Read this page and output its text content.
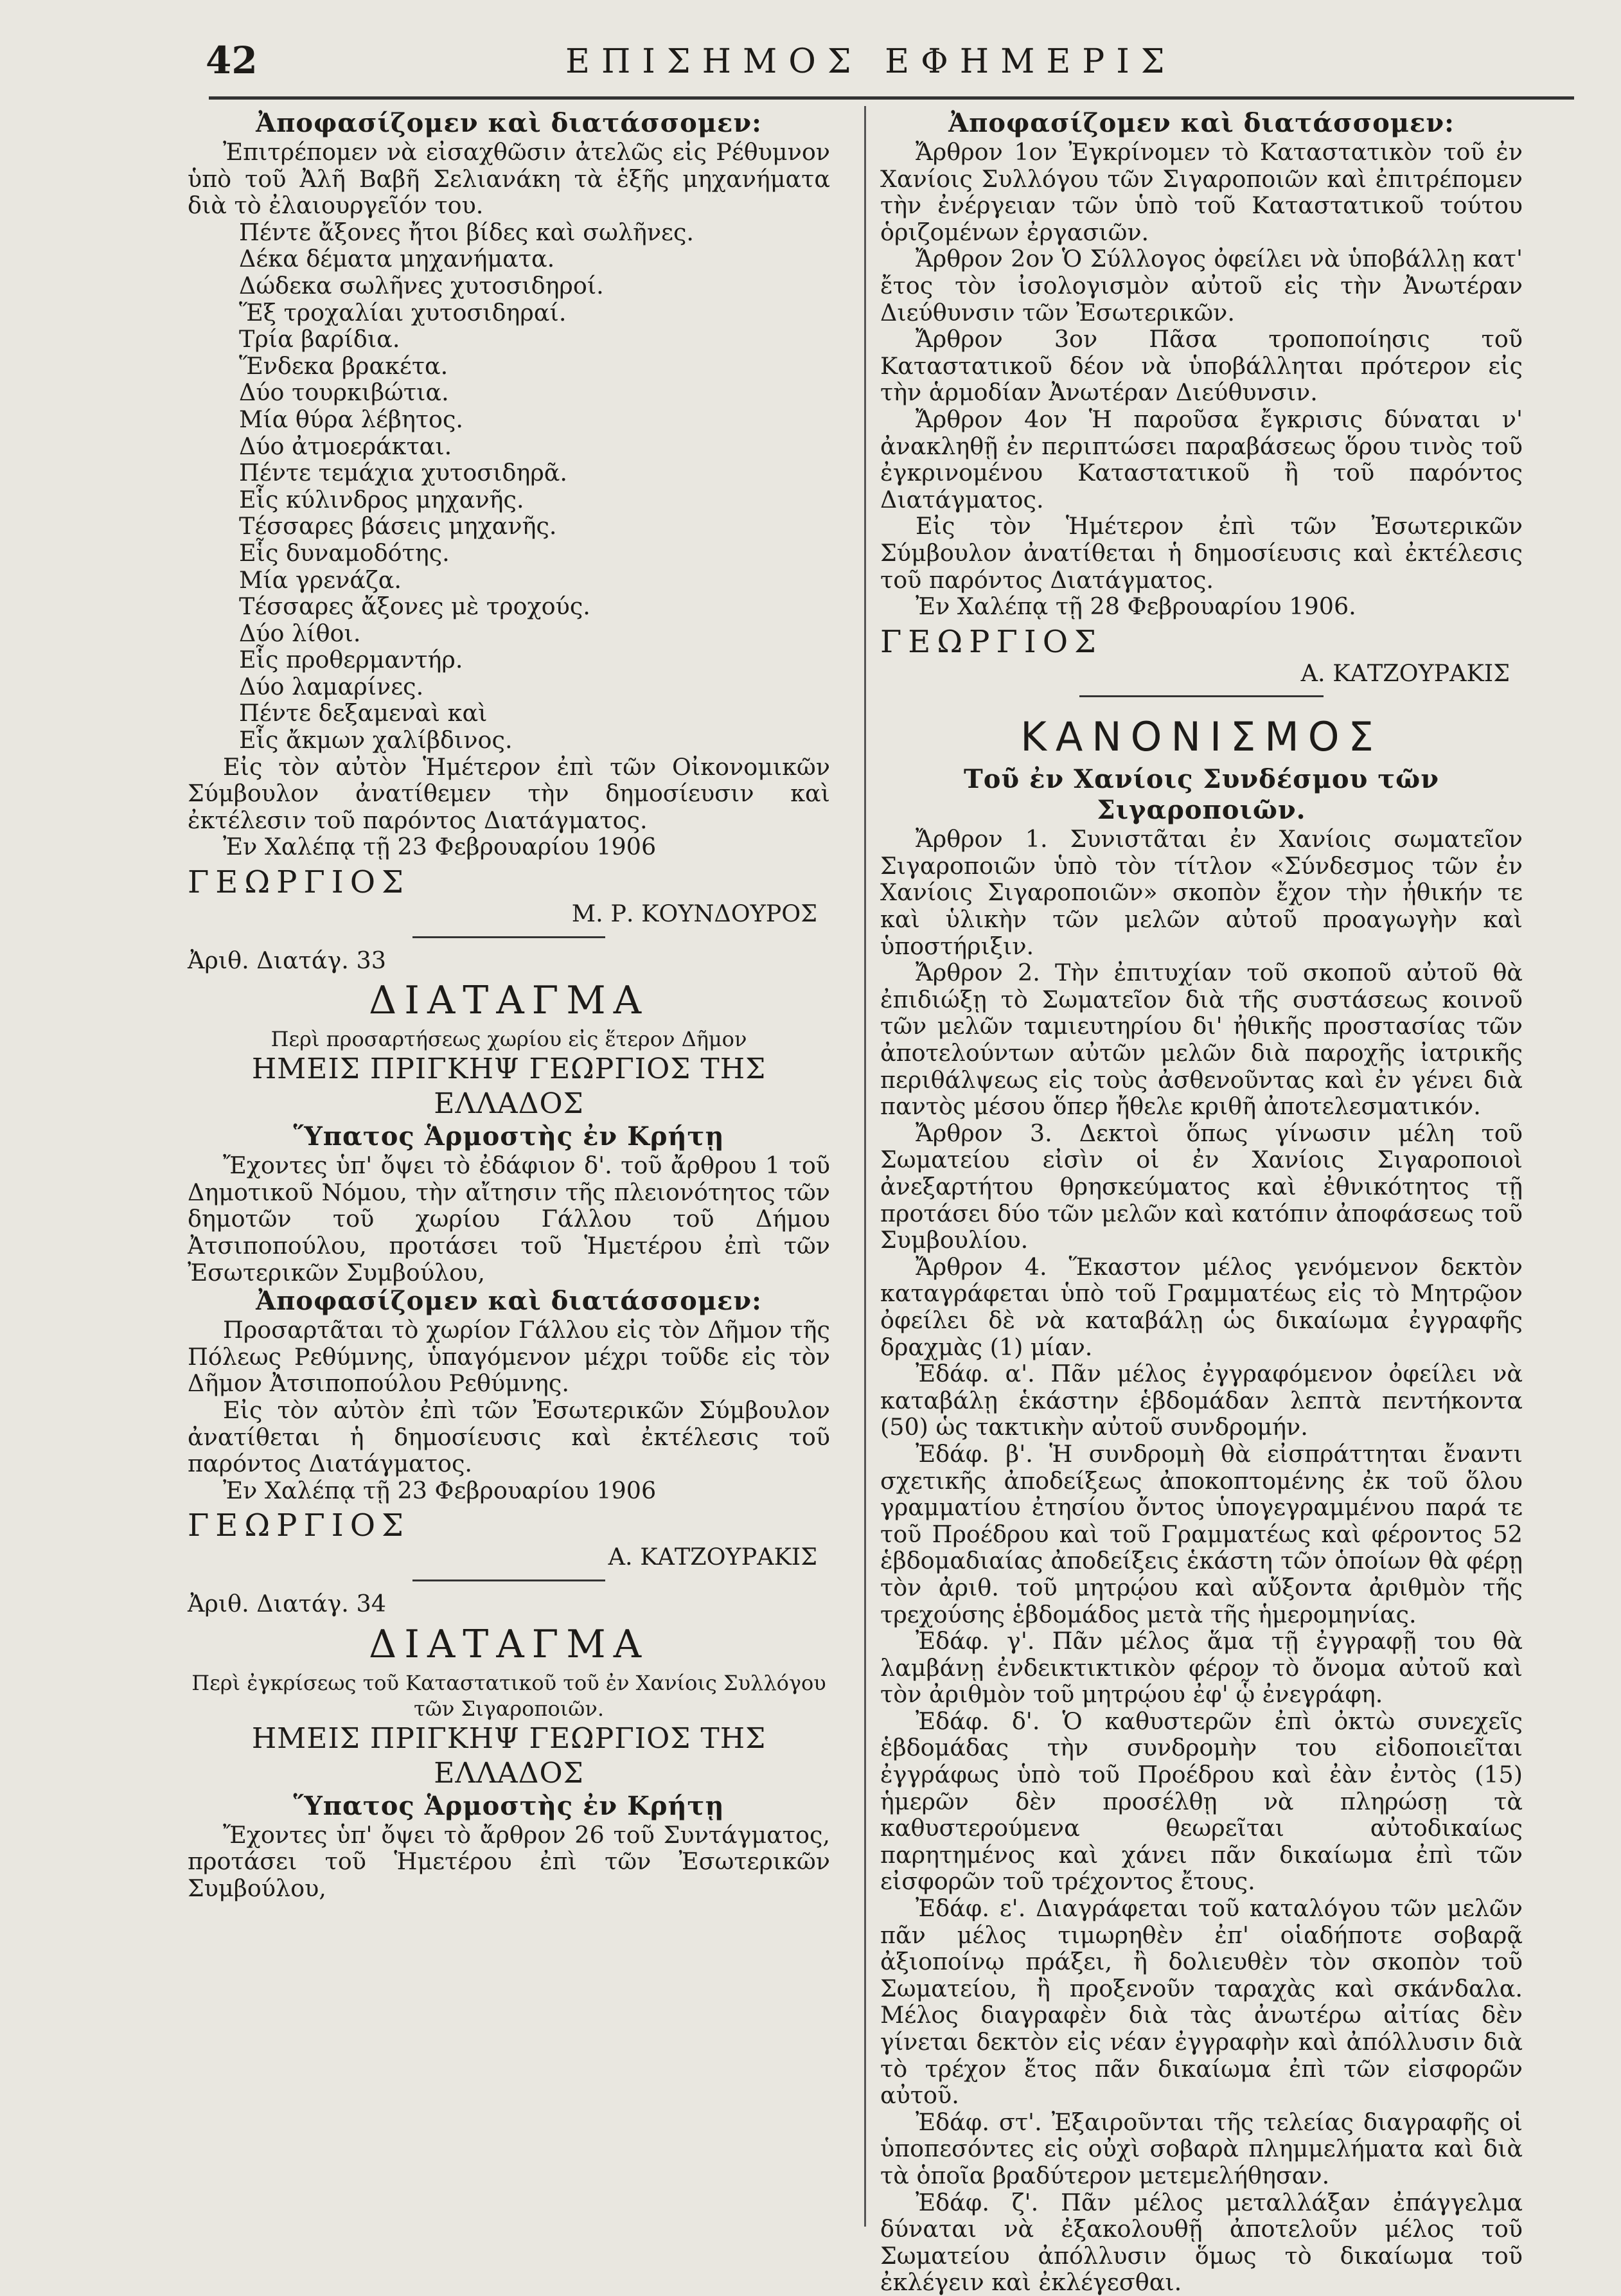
42	ΕΠΙΣΗΜΟΣ ΕΦΗΜΕΡΙΣ

Ἀποφασίζομεν καὶ διατάσσομεν:

Ἐπιτρέπομεν νὰ εἰσαχθῶσιν ἀτελῶς εἰς Ρέθυμνον ὑπὸ τοῦ Ἀλῆ Βαβῆ Σελιανάκη τὰ ἑξῆς μηχανήματα διὰ τὸ ἐλαιουργεῖόν του.

Πέντε ἄξονες ἤτοι βίδες καὶ σωλῆνες.

Δέκα δέματα μηχανήματα.

Δώδεκα σωλῆνες χυτοσιδηροί.

Ἕξ τροχαλίαι χυτοσιδηραί.

Τρία βαρίδια.

Ἕνδεκα βρακέτα.

Δύο τουρκιβώτια.

Μία θύρα λέβητος.

Δύο ἀτμοεράκται.

Πέντε τεμάχια χυτοσιδηρᾶ.

Εἷς κύλινδρος μηχανῆς.

Τέσσαρες βάσεις μηχανῆς.

Εἷς δυναμοδότης.

Μία γρενάζα.

Τέσσαρες ἄξονες μὲ τροχούς.

Δύο λίθοι.

Εἷς προθερμαντήρ.

Δύο λαμαρίνες.

Πέντε δεξαμεναὶ καὶ

Εἷς ἄκμων χαλίβδινος.

Εἰς τὸν αὐτὸν Ἡμέτερον ἐπὶ τῶν Οἰκονομικῶν Σύμβουλον ἀνατίθεμεν τὴν δημοσίευσιν καὶ ἐκτέλεσιν τοῦ παρόντος Διατάγματος.

Ἐν Χαλέπᾳ τῇ 23 Φεβρουαρίου 1906

ΓΕΩΡΓΙΟΣ

Μ. Ρ. ΚΟΥΝΔΟΥΡΟΣ

Ἀριθ. Διατάγ. 33

ΔΙΑΤΑΓΜΑ

Περὶ προσαρτήσεως χωρίου εἰς ἕτερον Δῆμον

ΗΜΕΙΣ ΠΡΙΓΚΗΨ ΓΕΩΡΓΙΟΣ ΤΗΣ ΕΛΛΑΔΟΣ

Ὕπατος Ἁρμοστὴς ἐν Κρήτῃ

Ἔχοντες ὑπ' ὄψει τὸ ἐδάφιον δ'. τοῦ ἄρθρου 1 τοῦ Δημοτικοῦ Νόμου, τὴν αἴτησιν τῆς πλειονότητος τῶν δημοτῶν τοῦ χωρίου Γάλλου τοῦ Δήμου Ἀτσιποπούλου, προτάσει τοῦ Ἡμετέρου ἐπὶ τῶν Ἐσωτερικῶν Συμβούλου,

Ἀποφασίζομεν καὶ διατάσσομεν:

Προσαρτᾶται τὸ χωρίον Γάλλου εἰς τὸν Δῆμον τῆς Πόλεως Ρεθύμνης, ὑπαγόμενον μέχρι τοῦδε εἰς τὸν Δῆμον Ἀτσιποπούλου Ρεθύμνης.

Εἰς τὸν αὐτὸν ἐπὶ τῶν Ἐσωτερικῶν Σύμβουλον ἀνατίθεται ἡ δημοσίευσις καὶ ἐκτέλεσις τοῦ παρόντος Διατάγματος.

Ἐν Χαλέπᾳ τῇ 23 Φεβρουαρίου 1906

ΓΕΩΡΓΙΟΣ

Α. ΚΑΤΖΟΥΡΑΚΙΣ

Ἀριθ. Διατάγ. 34

ΔΙΑΤΑΓΜΑ

Περὶ ἐγκρίσεως τοῦ Καταστατικοῦ τοῦ ἐν Χανίοις Συλλόγου τῶν Σιγαροποιῶν.

ΗΜΕΙΣ ΠΡΙΓΚΗΨ ΓΕΩΡΓΙΟΣ ΤΗΣ ΕΛΛΑΔΟΣ

Ὕπατος Ἁρμοστὴς ἐν Κρήτῃ

Ἔχοντες ὑπ' ὄψει τὸ ἄρθρον 26 τοῦ Συντάγματος, προτάσει τοῦ Ἡμετέρου ἐπὶ τῶν Ἐσωτερικῶν Συμβούλου,

Ἀποφασίζομεν καὶ διατάσσομεν:

Ἄρθρον 1ον Ἐγκρίνομεν τὸ Καταστατικὸν τοῦ ἐν Χανίοις Συλλόγου τῶν Σιγαροποιῶν καὶ ἐπιτρέπομεν τὴν ἐνέργειαν τῶν ὑπὸ τοῦ Καταστατικοῦ τούτου ὁριζομένων ἐργασιῶν.

Ἄρθρον 2ον Ὁ Σύλλογος ὀφείλει νὰ ὑποβάλλῃ κατ' ἔτος τὸν ἰσολογισμὸν αὐτοῦ εἰς τὴν Ἀνωτέραν Διεύθυνσιν τῶν Ἐσωτερικῶν.

Ἄρθρον 3ον Πᾶσα τροποποίησις τοῦ Καταστατικοῦ δέον νὰ ὑποβάλληται πρότερον εἰς τὴν ἁρμοδίαν Ἀνωτέραν Διεύθυνσιν.

Ἄρθρον 4ον Ἡ παροῦσα ἔγκρισις δύναται ν' ἀνακληθῇ ἐν περιπτώσει παραβάσεως ὅρου τινὸς τοῦ ἐγκρινομένου Καταστατικοῦ ἢ τοῦ παρόντος Διατάγματος.

Εἰς τὸν Ἡμέτερον ἐπὶ τῶν Ἐσωτερικῶν Σύμβουλον ἀνατίθεται ἡ δημοσίευσις καὶ ἐκτέλεσις τοῦ παρόντος Διατάγματος.

Ἐν Χαλέπᾳ τῇ 28 Φεβρουαρίου 1906.

ΓΕΩΡΓΙΟΣ

Α. ΚΑΤΖΟΥΡΑΚΙΣ

ΚΑΝΟΝΙΣΜΟΣ

Τοῦ ἐν Χανίοις Συνδέσμου τῶν Σιγαροποιῶν.

Ἄρθρον 1. Συνιστᾶται ἐν Χανίοις σωματεῖον Σιγαροποιῶν ὑπὸ τὸν τίτλον «Σύνδεσμος τῶν ἐν Χανίοις Σιγαροποιῶν» σκοπὸν ἔχον τὴν ἠθικήν τε καὶ ὑλικὴν τῶν μελῶν αὐτοῦ προαγωγὴν καὶ ὑποστήριξιν.

Ἄρθρον 2. Τὴν ἐπιτυχίαν τοῦ σκοποῦ αὐτοῦ θὰ ἐπιδιώξῃ τὸ Σωματεῖον διὰ τῆς συστάσεως κοινοῦ τῶν μελῶν ταμιευτηρίου δι' ἠθικῆς προστασίας τῶν ἀποτελούντων αὐτῶν μελῶν διὰ παροχῆς ἰατρικῆς περιθάλψεως εἰς τοὺς ἀσθενοῦντας καὶ ἐν γένει διὰ παντὸς μέσου ὅπερ ἤθελε κριθῆ ἀποτελεσματικόν.

Ἄρθρον 3. Δεκτοὶ ὅπως γίνωσιν μέλη τοῦ Σωματείου εἰσὶν οἱ ἐν Χανίοις Σιγαροποιοὶ ἀνεξαρτήτου θρησκεύματος καὶ ἐθνικότητος τῇ προτάσει δύο τῶν μελῶν καὶ κατόπιν ἀποφάσεως τοῦ Συμβουλίου.

Ἄρθρον 4. Ἕκαστον μέλος γενόμενον δεκτὸν καταγράφεται ὑπὸ τοῦ Γραμματέως εἰς τὸ Μητρῷον ὀφείλει δὲ νὰ καταβάλῃ ὡς δικαίωμα ἐγγραφῆς δραχμὰς (1) μίαν.

Ἐδάφ. α'. Πᾶν μέλος ἐγγραφόμενον ὀφείλει νὰ καταβάλῃ ἑκάστην ἑβδομάδαν λεπτὰ πεντήκοντα (50) ὡς τακτικὴν αὐτοῦ συνδρομήν.

Ἐδάφ. β'. Ἡ συνδρομὴ θὰ εἰσπράττηται ἔναντι σχετικῆς ἀποδείξεως ἀποκοπτομένης ἐκ τοῦ ὅλου γραμματίου ἐτησίου ὄντος ὑπογεγραμμένου παρά τε τοῦ Προέδρου καὶ τοῦ Γραμματέως καὶ φέροντος 52 ἑβδομαδιαίας ἀποδείξεις ἑκάστη τῶν ὁποίων θὰ φέρῃ τὸν ἀριθ. τοῦ μητρῴου καὶ αὔξοντα ἀριθμὸν τῆς τρεχούσης ἑβδομάδος μετὰ τῆς ἡμερομηνίας.

Ἐδάφ. γ'. Πᾶν μέλος ἅμα τῇ ἐγγραφῇ του θὰ λαμβάνῃ ἐνδεικτικτικὸν φέρον τὸ ὄνομα αὐτοῦ καὶ τὸν ἀριθμὸν τοῦ μητρῴου ἐφ' ᾧ ἐνεγράφη.

Ἐδάφ. δ'. Ὁ καθυστερῶν ἐπὶ ὀκτὼ συνεχεῖς ἑβδομάδας τὴν συνδρομὴν του εἰδοποιεῖται ἐγγράφως ὑπὸ τοῦ Προέδρου καὶ ἐὰν ἐντὸς (15) ἡμερῶν δὲν προσέλθῃ νὰ πληρώσῃ τὰ καθυστερούμενα θεωρεῖται αὐτοδικαίως παρητημένος καὶ χάνει πᾶν δικαίωμα ἐπὶ τῶν εἰσφορῶν τοῦ τρέχοντος ἔτους.

Ἐδάφ. ε'. Διαγράφεται τοῦ καταλόγου τῶν μελῶν πᾶν μέλος τιμωρηθὲν ἐπ' οἱαδήποτε σοβαρᾷ ἀξιοποίνῳ πράξει, ἢ δολιευθὲν τὸν σκοπὸν τοῦ Σωματείου, ἢ προξενοῦν ταραχὰς καὶ σκάνδαλα. Μέλος διαγραφὲν διὰ τὰς ἀνωτέρω αἰτίας δὲν γίνεται δεκτὸν εἰς νέαν ἐγγραφὴν καὶ ἀπόλλυσιν διὰ τὸ τρέχον ἔτος πᾶν δικαίωμα ἐπὶ τῶν εἰσφορῶν αὐτοῦ.

Ἐδάφ. στ'. Ἐξαιροῦνται τῆς τελείας διαγραφῆς οἱ ὑποπεσόντες εἰς οὐχὶ σοβαρὰ πλημμελήματα καὶ διὰ τὰ ὁποῖα βραδύτερον μετεμελήθησαν.

Ἐδάφ. ζ'. Πᾶν μέλος μεταλλάξαν ἐπάγγελμα δύναται νὰ ἐξακολουθῇ ἀποτελοῦν μέλος τοῦ Σωματείου ἀπόλλυσιν ὅμως τὸ δικαίωμα τοῦ ἐκλέγειν καὶ ἐκλέγεσθαι.
